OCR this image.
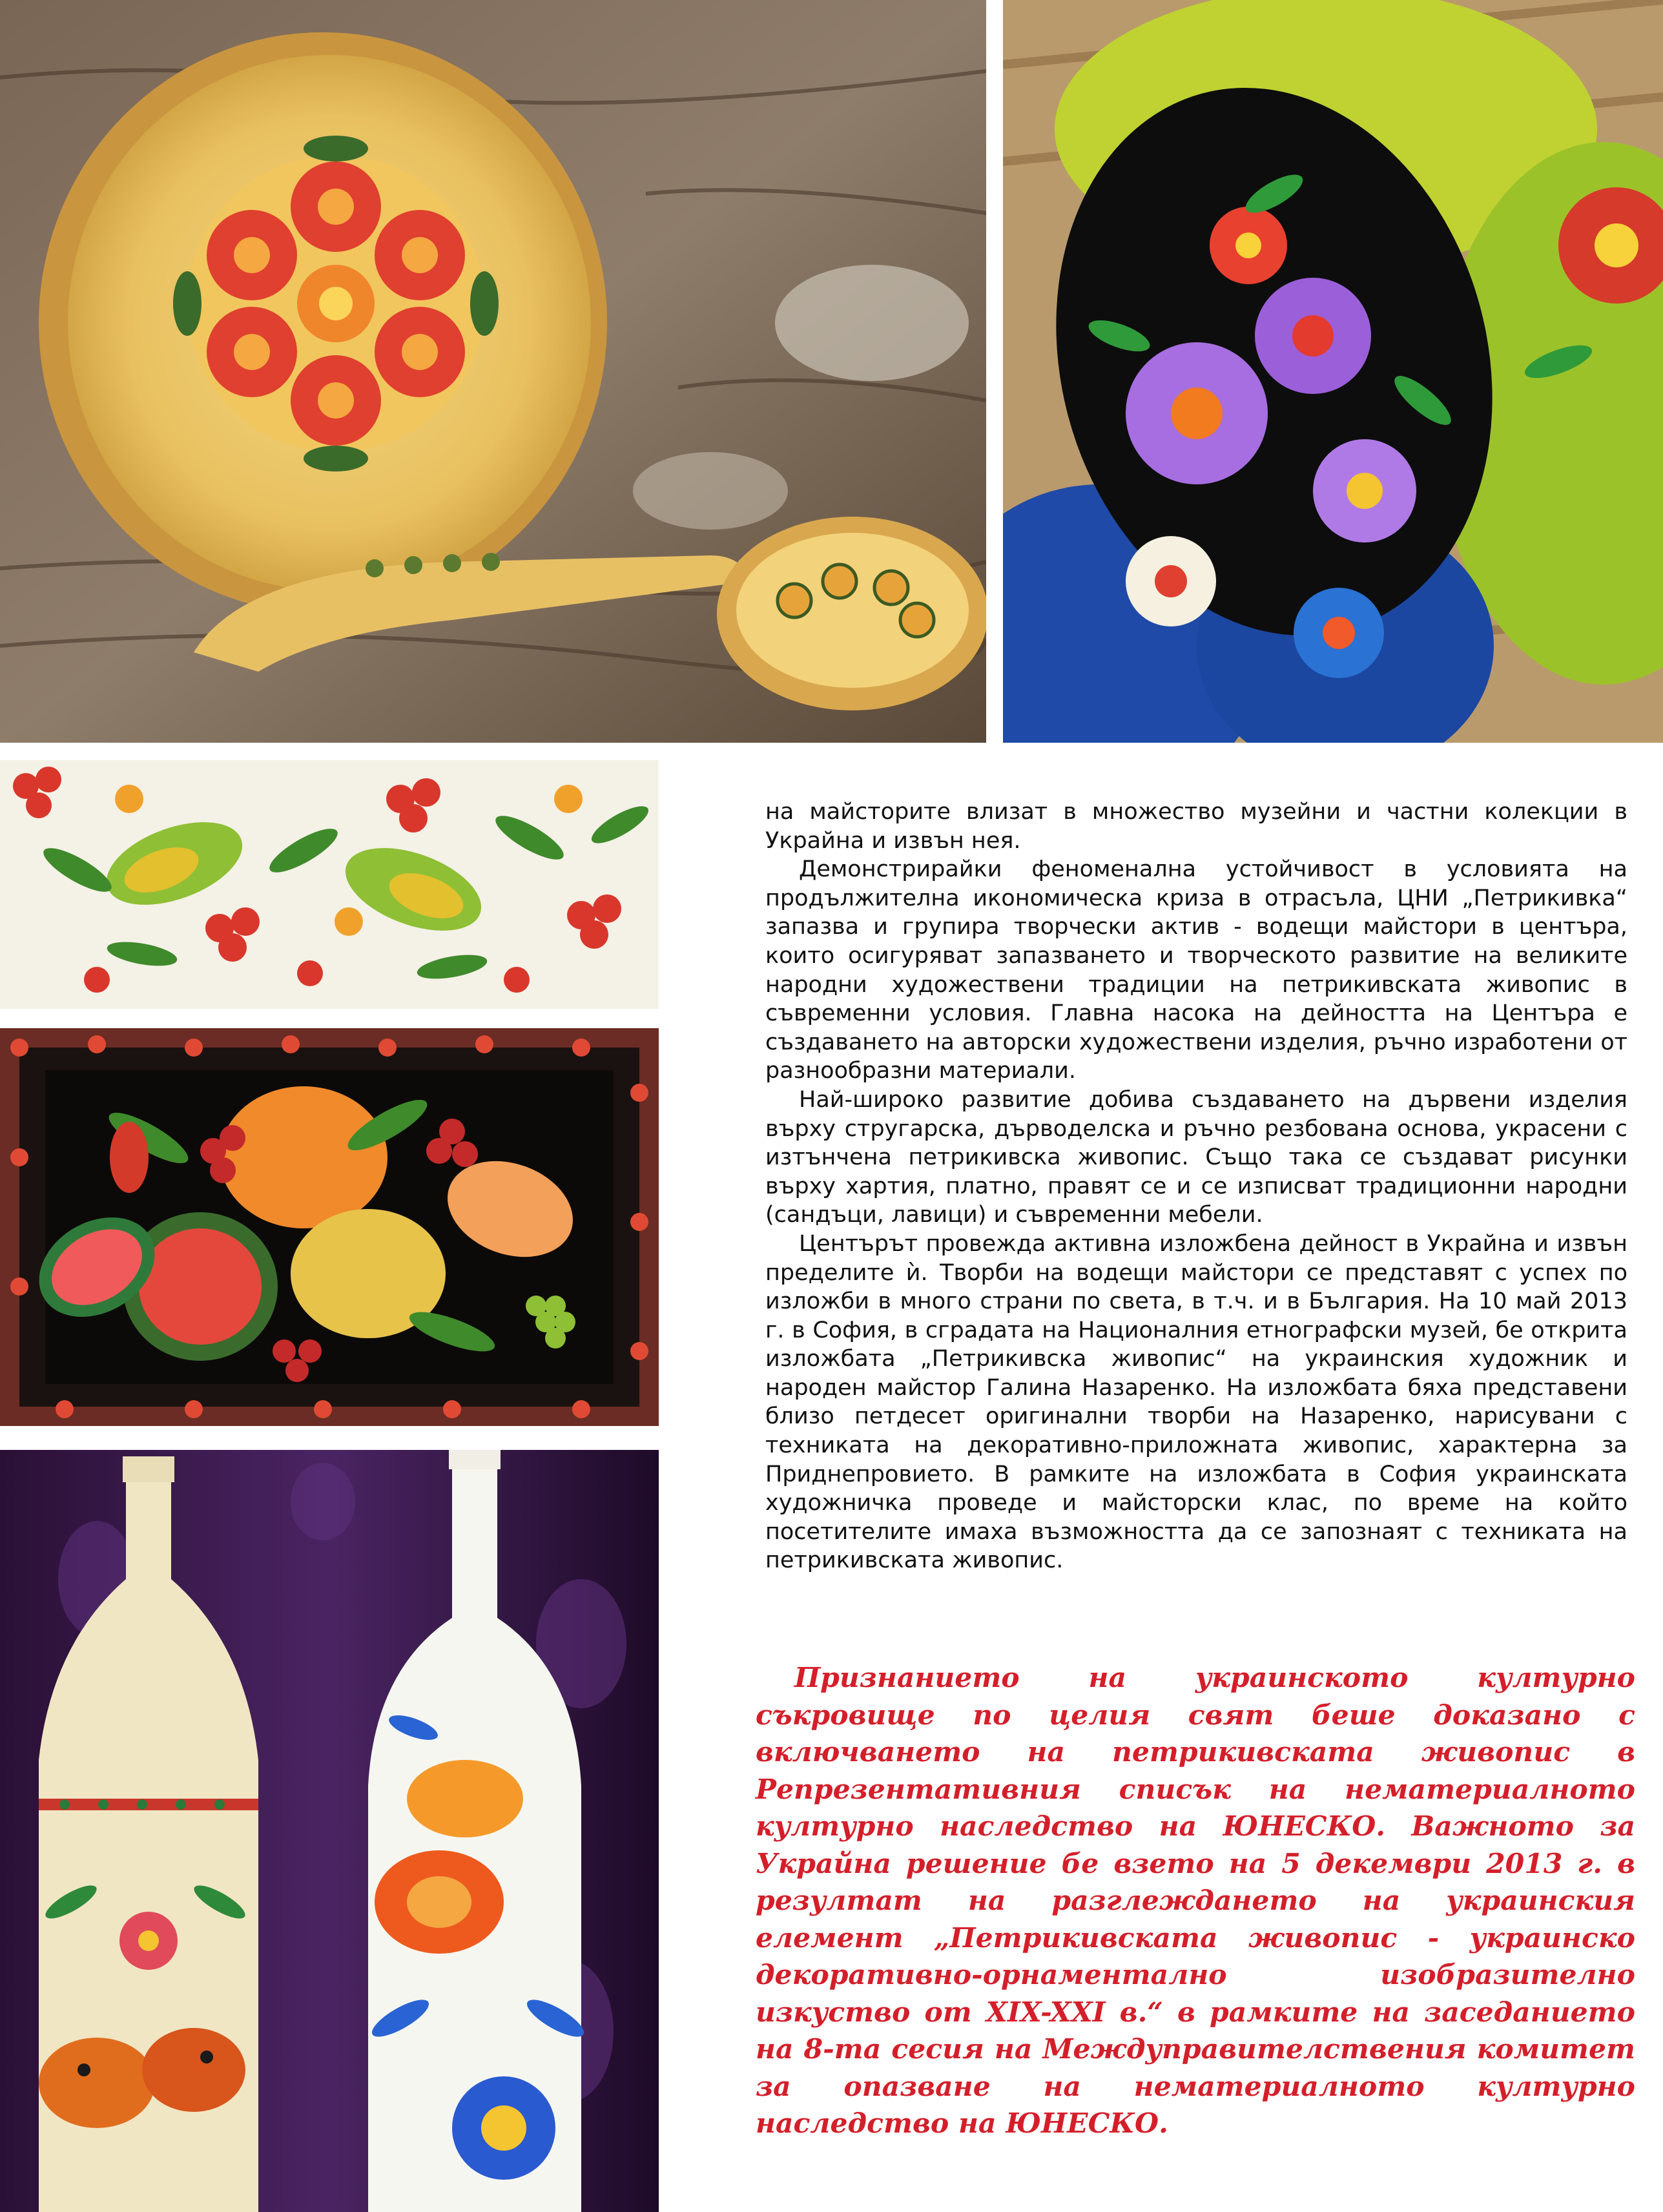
на майсторите влизат в множество музейни и частни колекции в Украйна и извън нея.

Демонстрирайки феноменална устойчивост в условията на продължителна икономическа криза в отрасъла, ЦНИ „Петрикивка“ запазва и групира творчески актив - водещи майстори в центъра, които осигуряват запазването и творческото развитие на великите народни художествени традиции на петрикивската живопис в съвременни условия. Главна насока на дейността на Центъра е създаването на авторски художествени изделия, ръчно изработени от разнообразни материали.

Най-широко развитие добива създаването на дървени изделия върху стругарска, дърводелска и ръчно резбована основа, украсени с изтънчена петрикивска живопис. Също така се създават рисунки върху хартия, платно, правят се и се изписват традиционни народни (сандъци, лавици) и съвременни мебели.

Центърът провежда активна изложбена дейност в Украйна и извън пределите ѝ. Творби на водещи майстори се представят с успех по изложби в много страни по света, в т.ч. и в България. На 10 май 2013 г. в София, в сградата на Националния етнографски музей, бе открита изложбата „Петрикивска живопис“ на украинския художник и народен майстор Галина Назаренко. На изложбата бяха представени близо петдесет оригинални творби на Назаренко, нарисувани с техниката на декоративно-приложната живопис, характерна за Приднепровието. В рамките на изложбата в София украинската художничка проведе и майсторски клас, по време на който посетителите имаха възможността да се запознаят с техниката на петрикивската живопис.

Признанието на украинското културно съкровище по целия свят беше доказано с включването на петрикивската живопис в Репрезентативния списък на нематериалното културно наследство на ЮНЕСКО. Важното за Украйна решение бе взето на 5 декември 2013 г. в резултат на разглеждането на украинския елемент „Петрикивската живопис - украинско декоративно-орнаментално изобразително изкуство от XIX-XXI в.“ в рамките на заседанието на 8-та сесия на Междуправителствения комитет за опазване на нематериалното културно наследство на ЮНЕСКО.
